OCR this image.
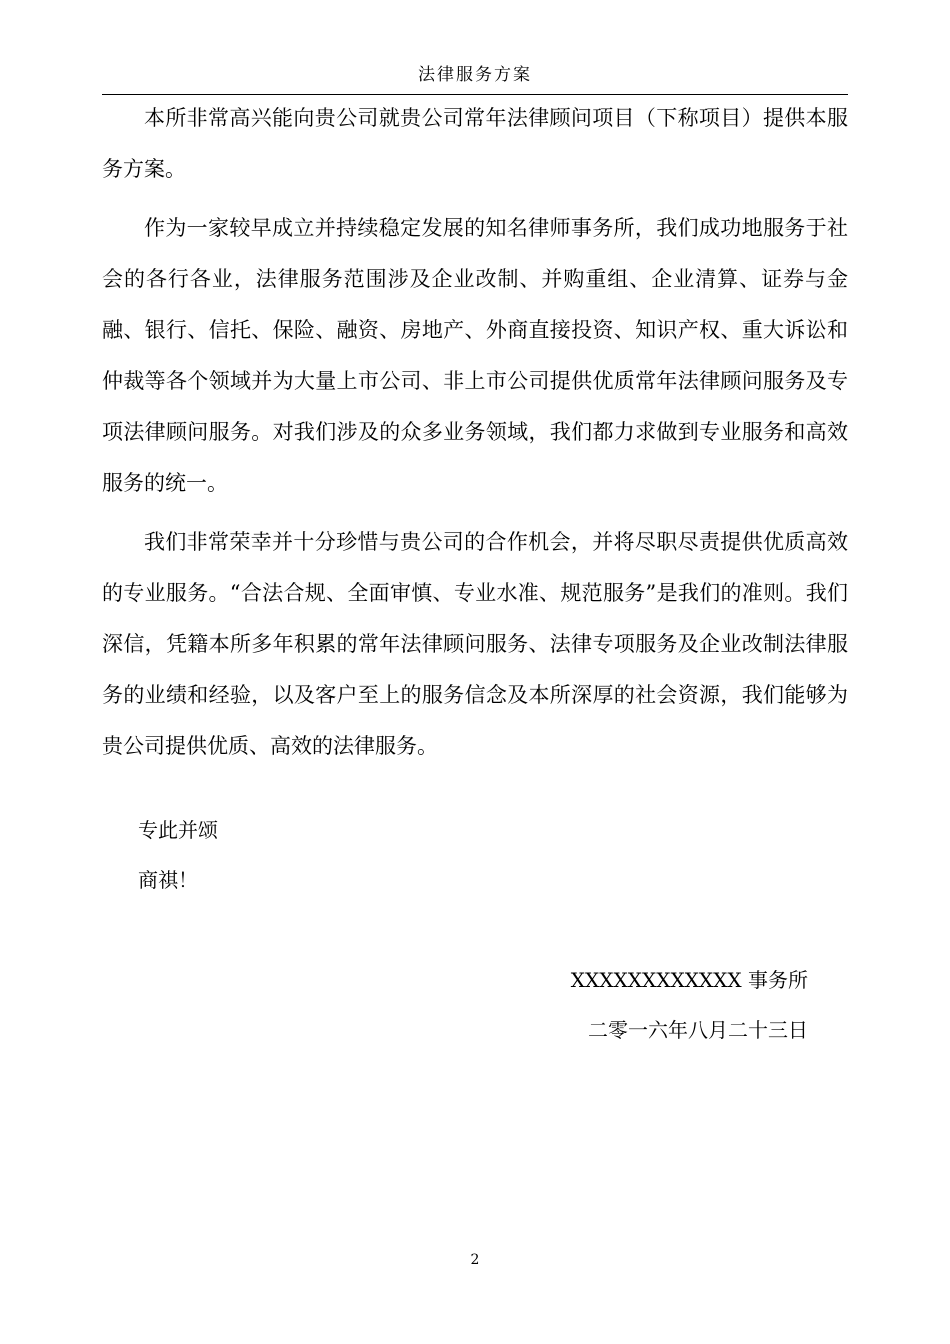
法律服务方案

本所非常高兴能向贵公司就贵公司常年法律顾问项目（下称项目）提供本服务方案。

作为一家较早成立并持续稳定发展的知名律师事务所，我们成功地服务于社会的各行各业，法律服务范围涉及企业改制、并购重组、企业清算、证券与金融、银行、信托、保险、融资、房地产、外商直接投资、知识产权、重大诉讼和仲裁等各个领域并为大量上市公司、非上市公司提供优质常年法律顾问服务及专项法律顾问服务。对我们涉及的众多业务领域，我们都力求做到专业服务和高效服务的统一。

我们非常荣幸并十分珍惜与贵公司的合作机会，并将尽职尽责提供优质高效的专业服务。“合法合规、全面审慎、专业水准、规范服务”是我们的准则。我们深信，凭籍本所多年积累的常年法律顾问服务、法律专项服务及企业改制法律服务的业绩和经验，以及客户至上的服务信念及本所深厚的社会资源，我们能够为贵公司提供优质、高效的法律服务。

专此并颂
商祺！
XXXXXXXXXXXX 事务所
二零一六年八月二十三日
2
